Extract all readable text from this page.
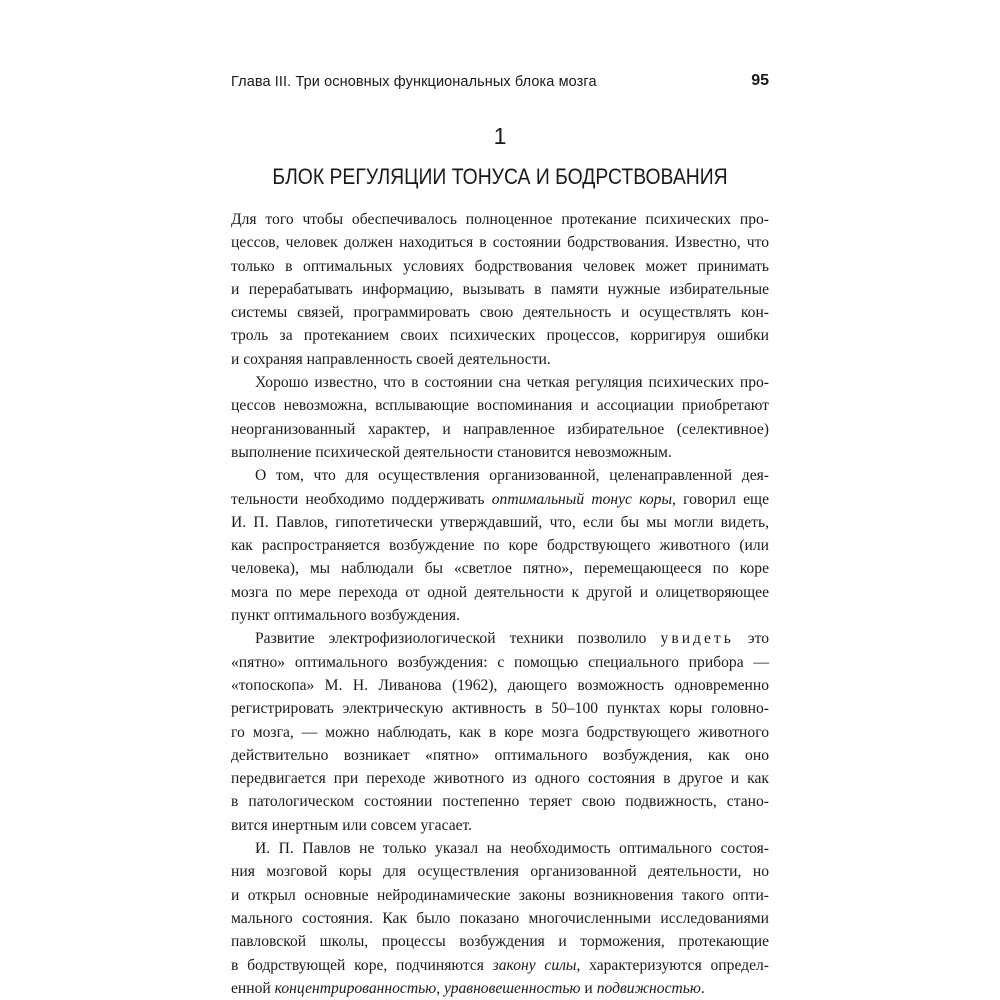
Глава III. Три основных функциональных блока мозга	95
1
БЛОК РЕГУЛЯЦИИ ТОНУСА И БОДРСТВОВАНИЯ
Для того чтобы обеспечивалось полноценное протекание психических про-
цессов, человек должен находиться в состоянии бодрствования. Известно, что
только в оптимальных условиях бодрствования человек может принимать
и перерабатывать информацию, вызывать в памяти нужные избирательные
системы связей, программировать свою деятельность и осуществлять кон-
троль за протеканием своих психических процессов, корригируя ошибки
и сохраняя направленность своей деятельности.
Хорошо известно, что в состоянии сна четкая регуляция психических про-
цессов невозможна, всплывающие воспоминания и ассоциации приобретают
неорганизованный характер, и направленное избирательное (селективное)
выполнение психической деятельности становится невозможным.
О том, что для осуществления организованной, целенаправленной дея-
тельности необходимо поддерживать оптимальный тонус коры, говорил еще
И. П. Павлов, гипотетически утверждавший, что, если бы мы могли видеть,
как распространяется возбуждение по коре бодрствующего животного (или
человека), мы наблюдали бы «светлое пятно», перемещающееся по коре
мозга по мере перехода от одной деятельности к другой и олицетворяющее
пункт оптимального возбуждения.
Развитие электрофизиологической техники позволило увидеть это
«пятно» оптимального возбуждения: с помощью специального прибора —
«топоскопа» М. Н. Ливанова (1962), дающего возможность одновременно
регистрировать электрическую активность в 50–100 пунктах коры головно-
го мозга, — можно наблюдать, как в коре мозга бодрствующего животного
действительно возникает «пятно» оптимального возбуждения, как оно
передвигается при переходе животного из одного состояния в другое и как
в патологическом состоянии постепенно теряет свою подвижность, стано-
вится инертным или совсем угасает.
И. П. Павлов не только указал на необходимость оптимального состоя-
ния мозговой коры для осуществления организованной деятельности, но
и открыл основные нейродинамические законы возникновения такого опти-
мального состояния. Как было показано многочисленными исследованиями
павловской школы, процессы возбуждения и торможения, протекающие
в бодрствующей коре, подчиняются закону силы, характеризуются определ-
енной концентрированностью, уравновешенностью и подвижностью.
